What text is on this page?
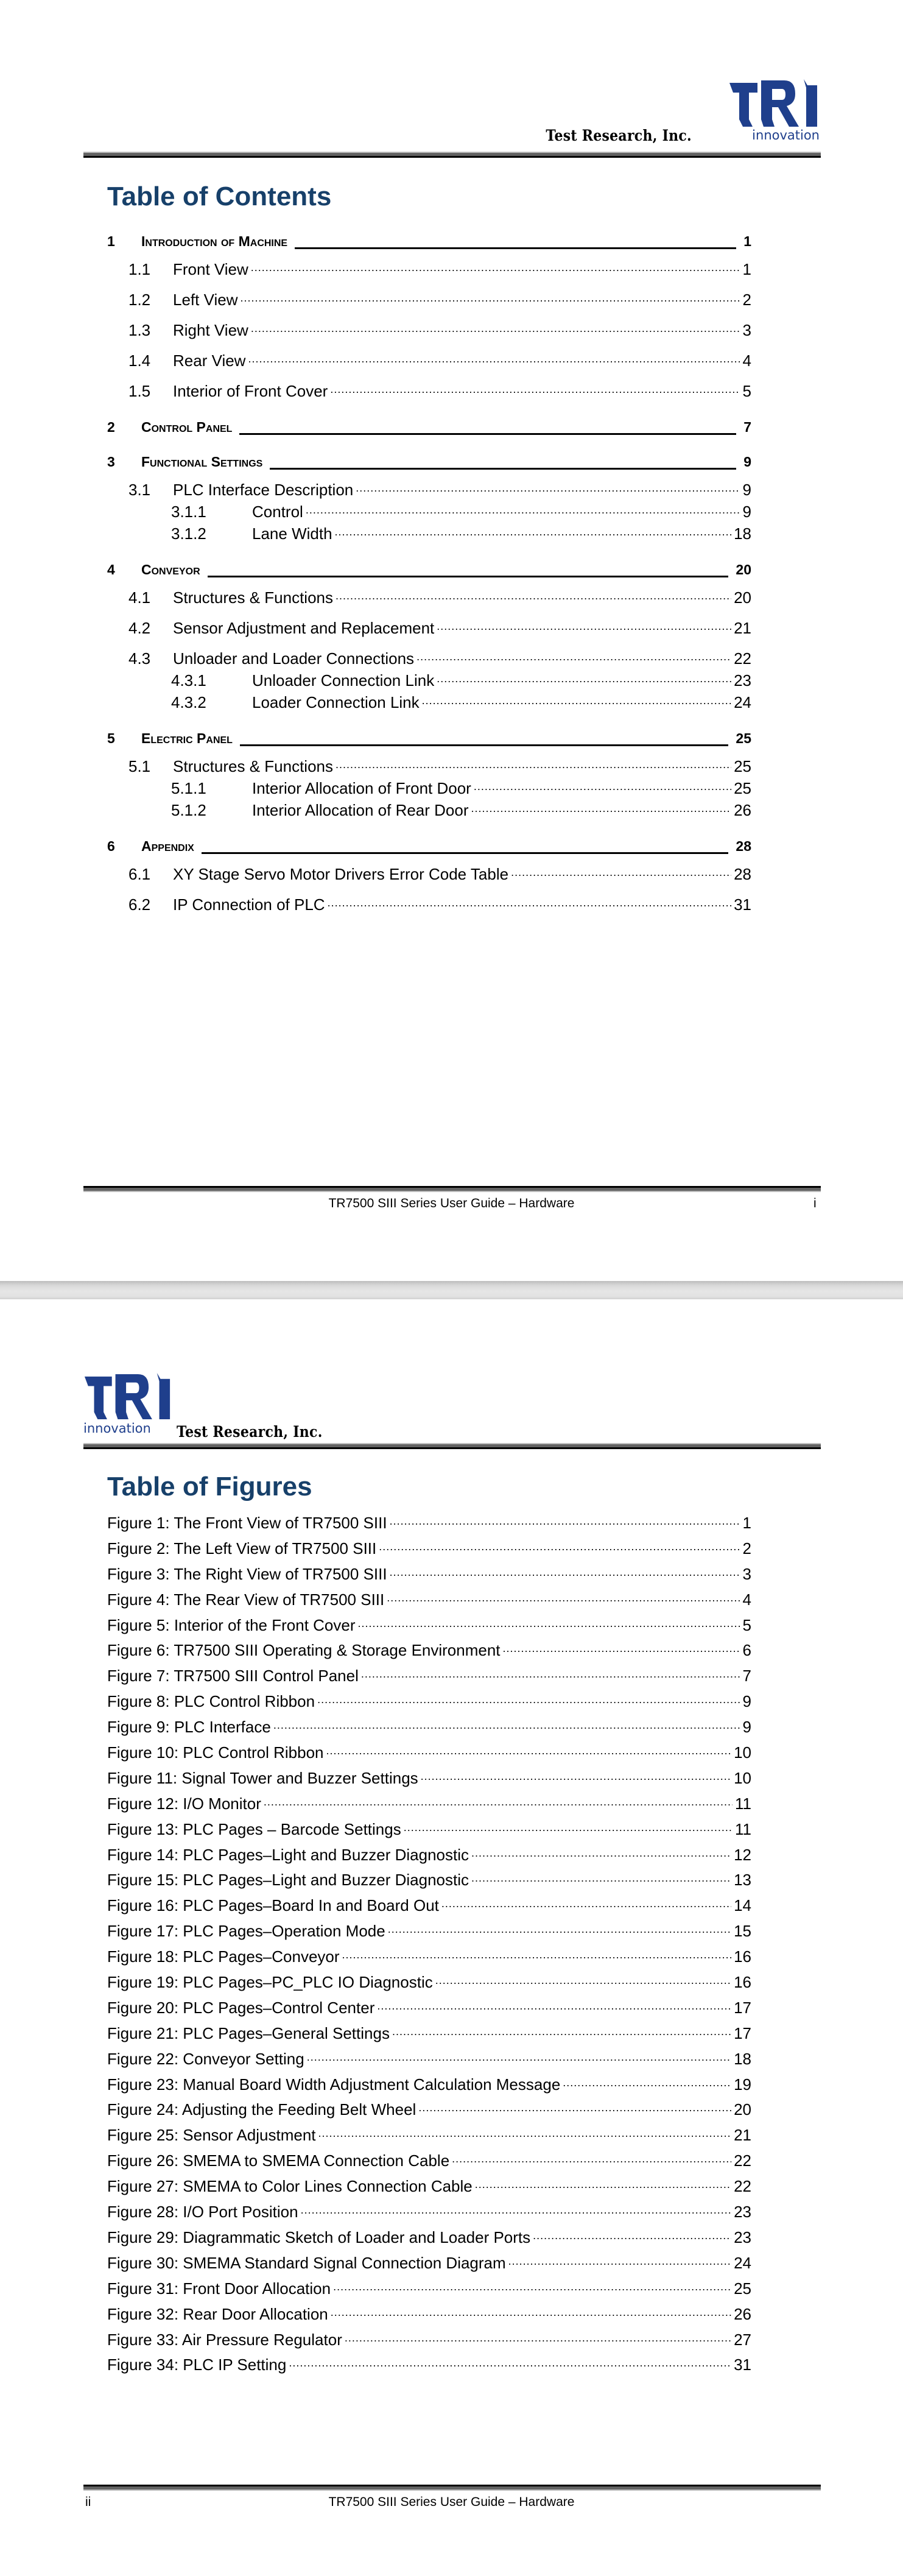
innovation
Test Research, Inc.
Table of Contents
1	Introduction of Machine	1
1.1	Front View .....	1
1.2	Left View .....	2
1.3	Right View .....	3
1.4	Rear View .....	4
1.5	Interior of Front Cover .....	5
2	Control Panel	7
3	Functional Settings	9
3.1	PLC Interface Description .....	9
3.1.1	Control .....	9
3.1.2	Lane Width .....	18
4	Conveyor	20
4.1	Structures & Functions .....	20
4.2	Sensor Adjustment and Replacement .....	21
4.3	Unloader and Loader Connections .....	22
4.3.1	Unloader Connection Link .....	23
4.3.2	Loader Connection Link .....	24
5	Electric Panel	25
5.1	Structures & Functions .....	25
5.1.1	Interior Allocation of Front Door .....	25
5.1.2	Interior Allocation of Rear Door .....	26
6	Appendix	28
6.1	XY Stage Servo Motor Drivers Error Code Table .....	28
6.2	IP Connection of PLC .....	31
TR7500 SIII Series User Guide – Hardware	i
innovation	Test Research, Inc.
Table of Figures
Figure 1: The Front View of TR7500 SIII .....	1
Figure 2: The Left View of TR7500 SIII .....	2
Figure 3: The Right View of TR7500 SIII .....	3
Figure 4: The Rear View of TR7500 SIII .....	4
Figure 5: Interior of the Front Cover .....	5
Figure 6: TR7500 SIII Operating & Storage Environment .....	6
Figure 7: TR7500 SIII Control Panel .....	7
Figure 8: PLC Control Ribbon .....	9
Figure 9: PLC Interface .....	9
Figure 10: PLC Control Ribbon .....	10
Figure 11: Signal Tower and Buzzer Settings .....	10
Figure 12: I/O Monitor .....	11
Figure 13: PLC Pages – Barcode Settings .....	11
Figure 14: PLC Pages–Light and Buzzer Diagnostic .....	12
Figure 15: PLC Pages–Light and Buzzer Diagnostic .....	13
Figure 16: PLC Pages–Board In and Board Out .....	14
Figure 17: PLC Pages–Operation Mode .....	15
Figure 18: PLC Pages–Conveyor .....	16
Figure 19: PLC Pages–PC_PLC IO Diagnostic .....	16
Figure 20: PLC Pages–Control Center .....	17
Figure 21: PLC Pages–General Settings .....	17
Figure 22: Conveyor Setting .....	18
Figure 23: Manual Board Width Adjustment Calculation Message .....	19
Figure 24: Adjusting the Feeding Belt Wheel .....	20
Figure 25: Sensor Adjustment .....	21
Figure 26: SMEMA to SMEMA Connection Cable .....	22
Figure 27: SMEMA to Color Lines Connection Cable .....	22
Figure 28: I/O Port Position .....	23
Figure 29: Diagrammatic Sketch of Loader and Loader Ports .....	23
Figure 30: SMEMA Standard Signal Connection Diagram .....	24
Figure 31: Front Door Allocation .....	25
Figure 32: Rear Door Allocation .....	26
Figure 33: Air Pressure Regulator .....	27
Figure 34: PLC IP Setting .....	31
ii	TR7500 SIII Series User Guide – Hardware
